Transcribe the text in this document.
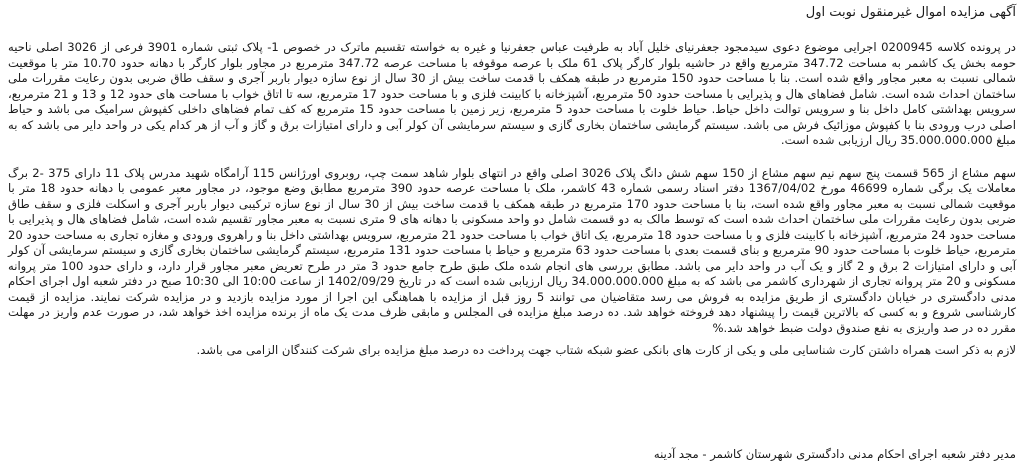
آگهی مزایده اموال غیرمنقول نوبت اول

در پرونده کلاسه 0200945 اجرایی موضوع دعوی سیدمجود جعفرنیای خلیل آباد به طرفیت عباس جعفرنیا و غیره به خواسته تقسیم ماترک در خصوص 1- پلاک ثبتی شماره 3901 فرعی از 3026 اصلی ناحیه حومه بخش یک کاشمر به مساحت 347.72 مترمربع واقع در حاشیه بلوار کارگر پلاک 61 ملک با عرصه موقوفه با مساحت عرصه 347.72 مترمربع در مجاور بلوار کارگر با دهانه حدود 10.70 متر با موقعیت شمالی نسبت به معبر مجاور واقع شده است. بنا با مساحت حدود 150 مترمربع در طبقه همکف با قدمت ساخت بیش از 30 سال از نوع سازه دیوار باربر آجری و سقف طاق ضربی بدون رعایت مقررات ملی ساختمان احداث شده است. شامل فضاهای هال و پذیرایی با مساحت حدود 50 مترمربع، آشپزخانه با کابینت فلزی و با مساحت حدود 17 مترمربع، سه تا اتاق خواب با مساحت های حدود 12 و 13 و 21 مترمربع، سرویس بهداشتی کامل داخل بنا و سرویس توالت داخل حیاط. حیاط خلوت با مساحت حدود 5 مترمربع، زیر زمین با مساحت حدود 15 مترمربع که کف تمام فضاهای داخلی کفپوش سرامیک می باشد و حیاط اصلی درب ورودی بنا با کفپوش موزائیک فرش می باشد. سیستم گرمایشی ساختمان بخاری گازی و سیستم سرمایشی آن کولر آبی و دارای امتیازات برق و گاز و آب از هر کدام یکی در واحد دایر می باشد که به مبلغ 35.000.000.000 ریال ارزیابی شده است.

سهم مشاع از 565 قسمت پنج سهم نیم سهم مشاع از 150 سهم شش دانگ پلاک 3026 اصلی واقع در انتهای بلوار شاهد سمت چپ، روبروی اورژانس 115 آرامگاه شهید مدرس پلاک 11 دارای 375 -2 برگ معاملات یک برگی شماره 46699 مورخ 1367/04/02 دفتر اسناد رسمی شماره 43 کاشمر، ملک با مساحت عرصه حدود 390 مترمربع مطابق وضع موجود، در مجاور معبر عمومی با دهانه حدود 18 متر با موقعیت شمالی نسبت به معبر مجاور واقع شده است، بنا با مساحت حدود 170 مترمربع در طبقه همکف با قدمت ساخت بیش از 30 سال از نوع سازه ترکیبی دیوار باربر آجری و اسکلت فلزی و سقف طاق ضربی بدون رعایت مقررات ملی ساختمان احداث شده است که توسط مالک به دو قسمت شامل دو واحد مسکونی با دهانه های 9 متری نسبت به معبر مجاور تقسیم شده است، شامل فضاهای هال و پذیرایی با مساحت حدود 24 مترمربع، آشپزخانه با کابینت فلزی و با مساحت حدود 18 مترمربع، یک اتاق خواب با مساحت حدود 21 مترمربع، سرویس بهداشتی داخل بنا و راهروی ورودی و مغازه تجاری به مساحت حدود 20 مترمربع، حیاط خلوت با مساحت حدود 90 مترمربع و بنای قسمت بعدی با مساحت حدود 63 مترمربع و حیاط با مساحت حدود 131 مترمربع، سیستم گرمایشی ساختمان بخاری گازی و سیستم سرمایشی آن کولر آبی و دارای امتیازات 2 برق و 2 گاز و یک آب در واحد دایر می باشد. مطابق بررسی های انجام شده ملک طبق طرح جامع حدود 3 متر در طرح تعریض معبر مجاور قرار دارد، و دارای حدود 100 متر پروانه مسکونی و 20 متر پروانه تجاری از شهرداری کاشمر می باشد که به مبلغ 34.000.000.000 ریال ارزیابی شده است که در تاریخ 1402/09/29 از ساعت 10:00 الی 10:30 صبح در دفتر شعبه اول اجرای احکام مدنی دادگستری در خیابان دادگستری از طریق مزایده به فروش می رسد متقاضیان می توانند 5 روز قبل از مزایده با هماهنگی این اجرا از مورد مزایده بازدید و در مزایده شرکت نمایند. مزایده از قیمت کارشناسی شروع و به کسی که بالاترین قیمت را پیشنهاد دهد فروخته خواهد شد. ده درصد مبلغ مزایده فی المجلس و مابقی ظرف مدت یک ماه از برنده مزایده اخذ خواهد شد، در صورت عدم واریز در مهلت مقرر ده در صد واریزی به نفع صندوق دولت ضبط خواهد شد.%

لازم به ذکر است همراه داشتن کارت شناسایی ملی و یکی از کارت های بانکی عضو شبکه شتاب جهت پرداخت ده درصد مبلغ مزایده برای شرکت کنندگان الزامی می باشد.

مدیر دفتر شعبه اجرای احکام مدنی دادگستری شهرستان کاشمر - مجد آدینه
